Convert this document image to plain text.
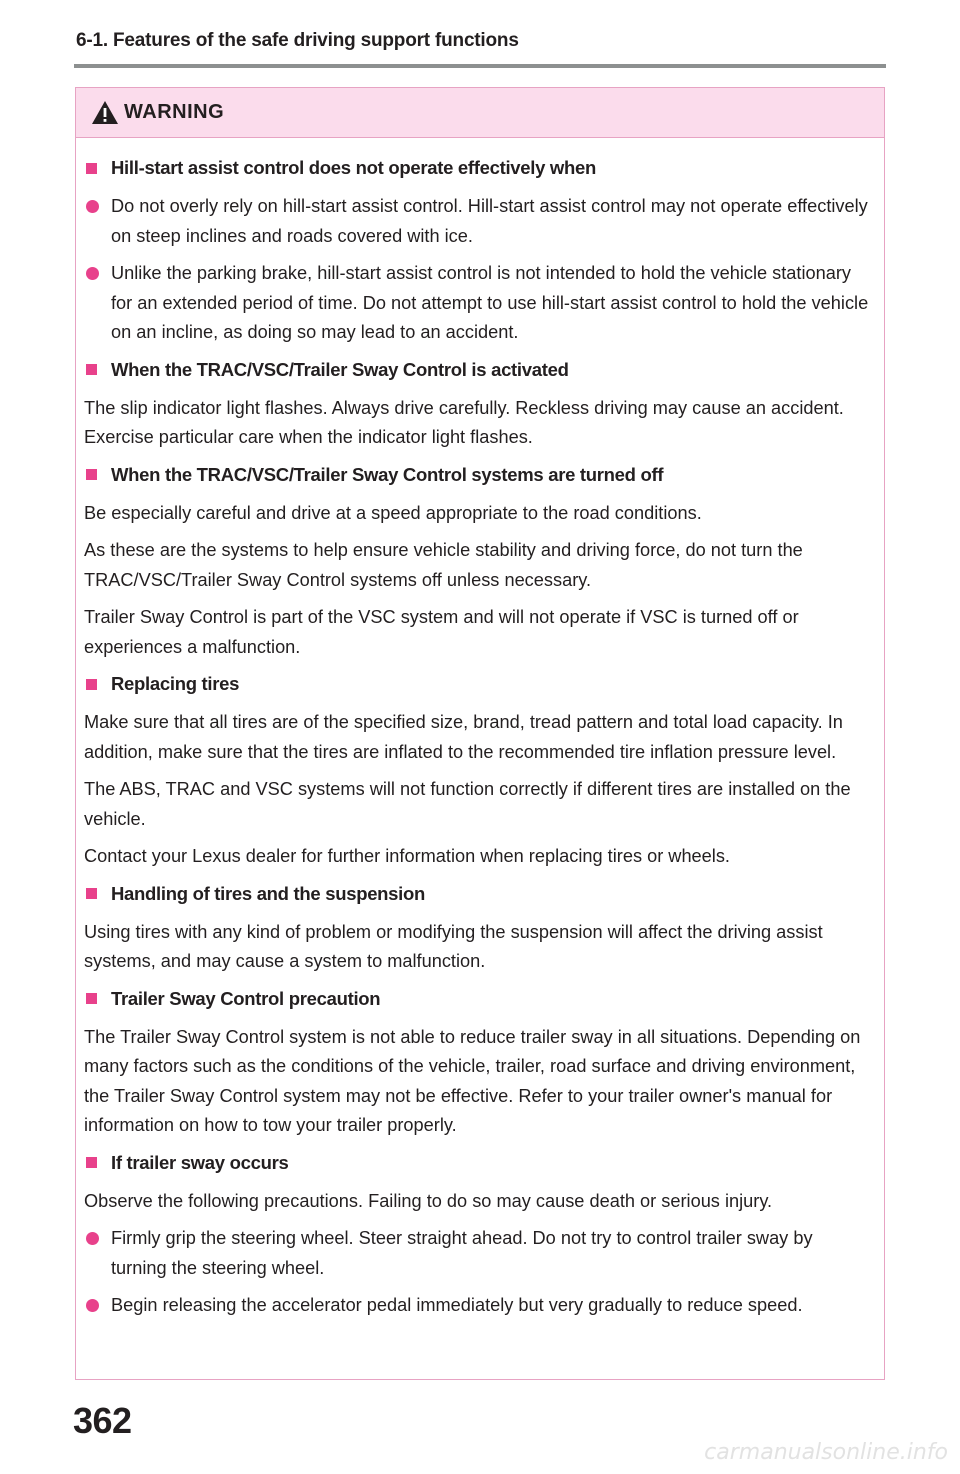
6-1. Features of the safe driving support functions
WARNING
Hill-start assist control does not operate effectively when
Do not overly rely on hill-start assist control. Hill-start assist control may not operate effectively on steep inclines and roads covered with ice.
Unlike the parking brake, hill-start assist control is not intended to hold the vehicle stationary for an extended period of time. Do not attempt to use hill-start assist control to hold the vehicle on an incline, as doing so may lead to an accident.
When the TRAC/VSC/Trailer Sway Control is activated

The slip indicator light flashes. Always drive carefully. Reckless driving may cause an accident. Exercise particular care when the indicator light flashes.

When the TRAC/VSC/Trailer Sway Control systems are turned off

Be especially careful and drive at a speed appropriate to the road conditions.

As these are the systems to help ensure vehicle stability and driving force, do not turn the TRAC/VSC/Trailer Sway Control systems off unless necessary.

Trailer Sway Control is part of the VSC system and will not operate if VSC is turned off or experiences a malfunction.

Replacing tires

Make sure that all tires are of the specified size, brand, tread pattern and total load capacity. In addition, make sure that the tires are inflated to the recommended tire inflation pressure level.

The ABS, TRAC and VSC systems will not function correctly if different tires are installed on the vehicle.

Contact your Lexus dealer for further information when replacing tires or wheels.

Handling of tires and the suspension

Using tires with any kind of problem or modifying the suspension will affect the driving assist systems, and may cause a system to malfunction.

Trailer Sway Control precaution

The Trailer Sway Control system is not able to reduce trailer sway in all situations. Depending on many factors such as the conditions of the vehicle, trailer, road surface and driving environment, the Trailer Sway Control system may not be effective. Refer to your trailer owner's manual for information on how to tow your trailer properly.

If trailer sway occurs

Observe the following precautions. Failing to do so may cause death or serious injury.

Firmly grip the steering wheel. Steer straight ahead. Do not try to control trailer sway by turning the steering wheel.
Begin releasing the accelerator pedal immediately but very gradually to reduce speed.
362
carmanualsonline.info
